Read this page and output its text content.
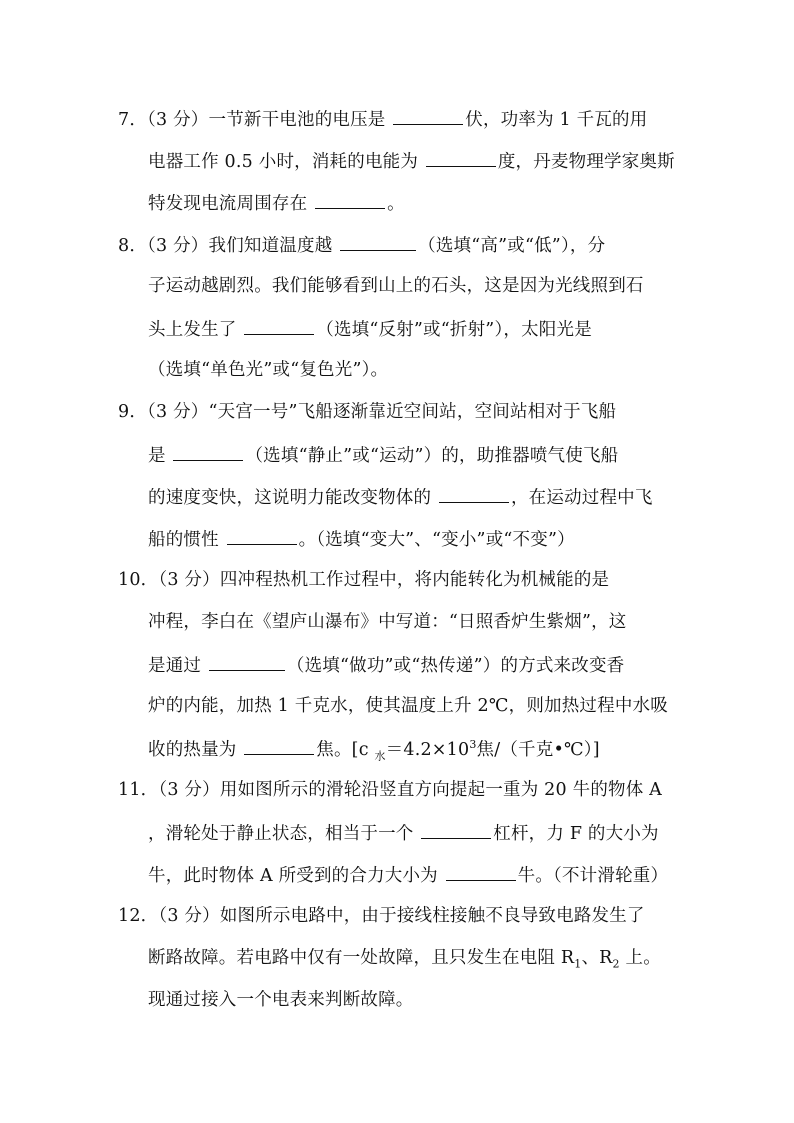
7．（3 分）一节新干电池的电压是	伏，功率为 1 千瓦的用
电器工作 0.5 小时，消耗的电能为	度，丹麦物理学家奥斯
特发现电流周围存在	。
8．（3 分）我们知道温度越	（选填“高”或“低”），分
子运动越剧烈。我们能够看到山上的石头，这是因为光线照到石
头上发生了	（选填“反射”或“折射”），太阳光是
（选填“单色光”或“复色光”）。
9．（3 分）“天宫一号”飞船逐渐靠近空间站，空间站相对于飞船
是	（选填“静止”或“运动”）的，助推器喷气使飞船
的速度变快，这说明力能改变物体的	，在运动过程中飞
船的惯性	。（选填“变大”、“变小”或“不变”）
10．（3 分）四冲程热机工作过程中，将内能转化为机械能的是
冲程，李白在《望庐山瀑布》中写道：“日照香炉生紫烟”，这
是通过	（选填“做功”或“热传递”）的方式来改变香
炉的内能，加热 1 千克水，使其温度上升 2℃，则加热过程中水吸
收的热量为	焦。[c $_水=4.2\times 10^3$焦/（千克•℃）]
11．（3 分）用如图所示的滑轮沿竖直方向提起一重为 20 牛的物体 A
，滑轮处于静止状态，相当于一个	杠杆，力 F 的大小为
牛，此时物体 A 所受到的合力大小为	牛。（不计滑轮重）
12．（3 分）如图所示电路中，由于接线柱接触不良导致电路发生了
断路故障。若电路中仅有一处故障，且只发生在电阻 $R_1$、$R_2$ 上。
现通过接入一个电表来判断故障。
